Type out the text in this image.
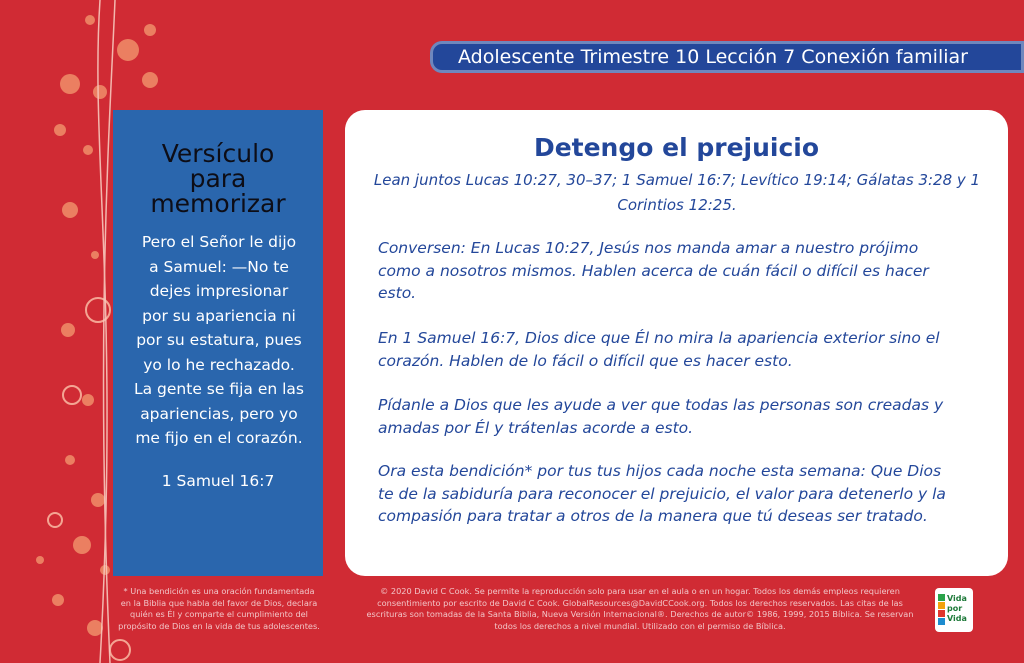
Adolescente Trimestre 10 Lección 7 Conexión familiar
Versículo
para
memorizar
Pero el Señor le dijo
a Samuel: —No te
dejes impresionar
por su apariencia ni
por su estatura, pues
yo lo he rechazado.
La gente se fija en las
apariencias, pero yo
me fijo en el corazón.
1 Samuel 16:7
Detengo el prejuicio
Lean juntos Lucas 10:27, 30–37; 1 Samuel 16:7; Levítico 19:14; Gálatas 3:28 y 1
Corintios 12:25.
Conversen: En Lucas 10:27, Jesús nos manda amar a nuestro prójimo
como a nosotros mismos. Hablen acerca de cuán fácil o difícil es hacer
esto.
En 1 Samuel 16:7, Dios dice que Él no mira la apariencia exterior sino el
corazón. Hablen de lo fácil o difícil que es hacer esto.
Pídanle a Dios que les ayude a ver que todas las personas son creadas y
amadas por Él y trátenlas acorde a esto.
Ora esta bendición* por tus tus hijos cada noche esta semana: Que Dios
te de la sabiduría para reconocer el prejuicio, el valor para detenerlo y la
compasión para tratar a otros de la manera que tú deseas ser tratado.
* Una bendición es una oración fundamentada
en la Biblia que habla del favor de Dios, declara
quién es Él y comparte el cumplimiento del
propósito de Dios en la vida de tus adolescentes.
© 2020 David C Cook. Se permite la reproducción solo para usar en el aula o en un hogar. Todos los demás empleos requieren
consentimiento por escrito de David C Cook. GlobalResources@DavidCCook.org. Todos los derechos reservados. Las citas de las
escrituras son tomadas de la Santa Biblia, Nueva Versión Internacional®. Derechos de autor© 1986, 1999, 2015 Bíblica. Se reservan
todos los derechos a nivel mundial. Utilizado con el permiso de Bíblica.
Vida
por
Vida
